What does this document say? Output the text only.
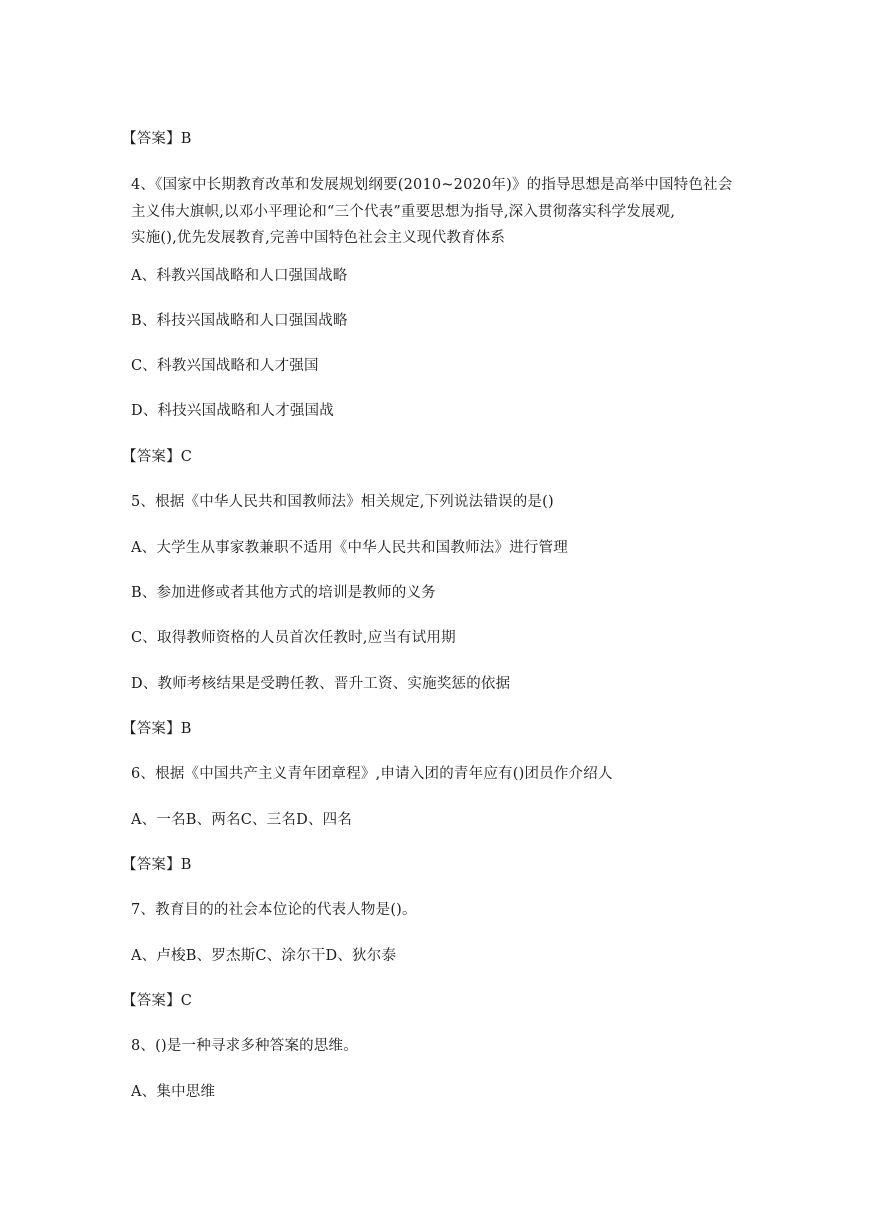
【答案】B
4、《国家中长期教育改革和发展规划纲要(2010~2020年)》的指导思想是高举中国特色社会
主义伟大旗帜,以邓小平理论和“三个代表”重要思想为指导,深入贯彻落实科学发展观,
实施(),优先发展教育,完善中国特色社会主义现代教育体系
A、科教兴国战略和人口强国战略
B、科技兴国战略和人口强国战略
C、科教兴国战略和人才强国
D、科技兴国战略和人才强国战
【答案】C
5、根据《中华人民共和国教师法》相关规定,下列说法错误的是()
A、大学生从事家教兼职不适用《中华人民共和国教师法》进行管理
B、参加进修或者其他方式的培训是教师的义务
C、取得教师资格的人员首次任教时,应当有试用期
D、教师考核结果是受聘任教、晋升工资、实施奖惩的依据
【答案】B
6、根据《中国共产主义青年团章程》,申请入团的青年应有()团员作介绍人
A、一名B、两名C、三名D、四名
【答案】B
7、教育目的的社会本位论的代表人物是()。
A、卢梭B、罗杰斯C、涂尔干D、狄尔泰
【答案】C
8、()是一种寻求多种答案的思维。
A、集中思维
